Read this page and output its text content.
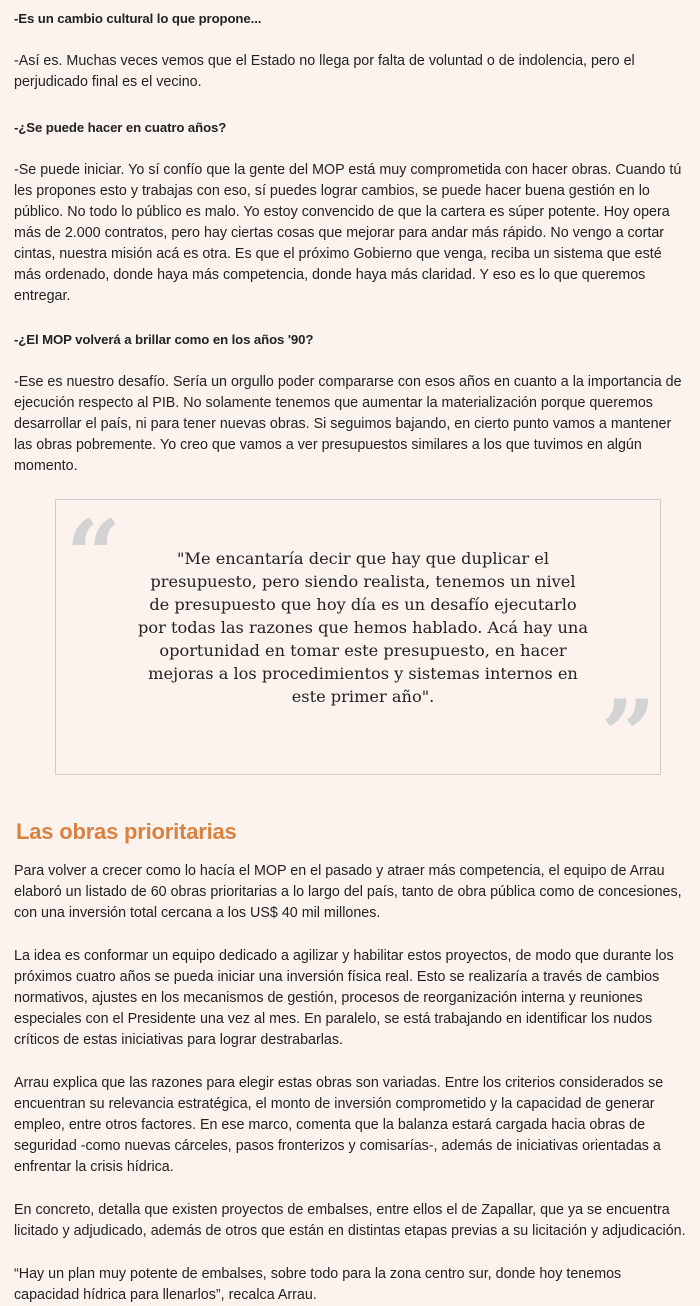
-Es un cambio cultural lo que propone...

-Así es. Muchas veces vemos que el Estado no llega por falta de voluntad o de indolencia, pero el perjudicado final es el vecino.

-¿Se puede hacer en cuatro años?

-Se puede iniciar. Yo sí confío que la gente del MOP está muy comprometida con hacer obras. Cuando tú les propones esto y trabajas con eso, sí puedes lograr cambios, se puede hacer buena gestión en lo público. No todo lo público es malo. Yo estoy convencido de que la cartera es súper potente. Hoy opera más de 2.000 contratos, pero hay ciertas cosas que mejorar para andar más rápido. No vengo a cortar cintas, nuestra misión acá es otra. Es que el próximo Gobierno que venga, reciba un sistema que esté más ordenado, donde haya más competencia, donde haya más claridad. Y eso es lo que queremos entregar.

-¿El MOP volverá a brillar como en los años '90?

-Ese es nuestro desafío. Sería un orgullo poder compararse con esos años en cuanto a la importancia de ejecución respecto al PIB. No solamente tenemos que aumentar la materialización porque queremos desarrollar el país, ni para tener nuevas obras. Si seguimos bajando, en cierto punto vamos a mantener las obras pobremente. Yo creo que vamos a ver presupuestos similares a los que tuvimos en algún momento.

“	"Me encantaría decir que hay que duplicar el presupuesto, pero siendo realista, tenemos un nivel de presupuesto que hoy día es un desafío ejecutarlo por todas las razones que hemos hablado. Acá hay una oportunidad en tomar este presupuesto, en hacer mejoras a los procedimientos y sistemas internos en este primer año".	”
Las obras prioritarias

Para volver a crecer como lo hacía el MOP en el pasado y atraer más competencia, el equipo de Arrau elaboró un listado de 60 obras prioritarias a lo largo del país, tanto de obra pública como de concesiones, con una inversión total cercana a los US$ 40 mil millones.

La idea es conformar un equipo dedicado a agilizar y habilitar estos proyectos, de modo que durante los próximos cuatro años se pueda iniciar una inversión física real. Esto se realizaría a través de cambios normativos, ajustes en los mecanismos de gestión, procesos de reorganización interna y reuniones especiales con el Presidente una vez al mes. En paralelo, se está trabajando en identificar los nudos críticos de estas iniciativas para lograr destrabarlas.

Arrau explica que las razones para elegir estas obras son variadas. Entre los criterios considerados se encuentran su relevancia estratégica, el monto de inversión comprometido y la capacidad de generar empleo, entre otros factores. En ese marco, comenta que la balanza estará cargada hacia obras de seguridad -como nuevas cárceles, pasos fronterizos y comisarías-, además de iniciativas orientadas a enfrentar la crisis hídrica.

En concreto, detalla que existen proyectos de embalses, entre ellos el de Zapallar, que ya se encuentra licitado y adjudicado, además de otros que están en distintas etapas previas a su licitación y adjudicación.

“Hay un plan muy potente de embalses, sobre todo para la zona centro sur, donde hoy tenemos capacidad hídrica para llenarlos”, recalca Arrau.
